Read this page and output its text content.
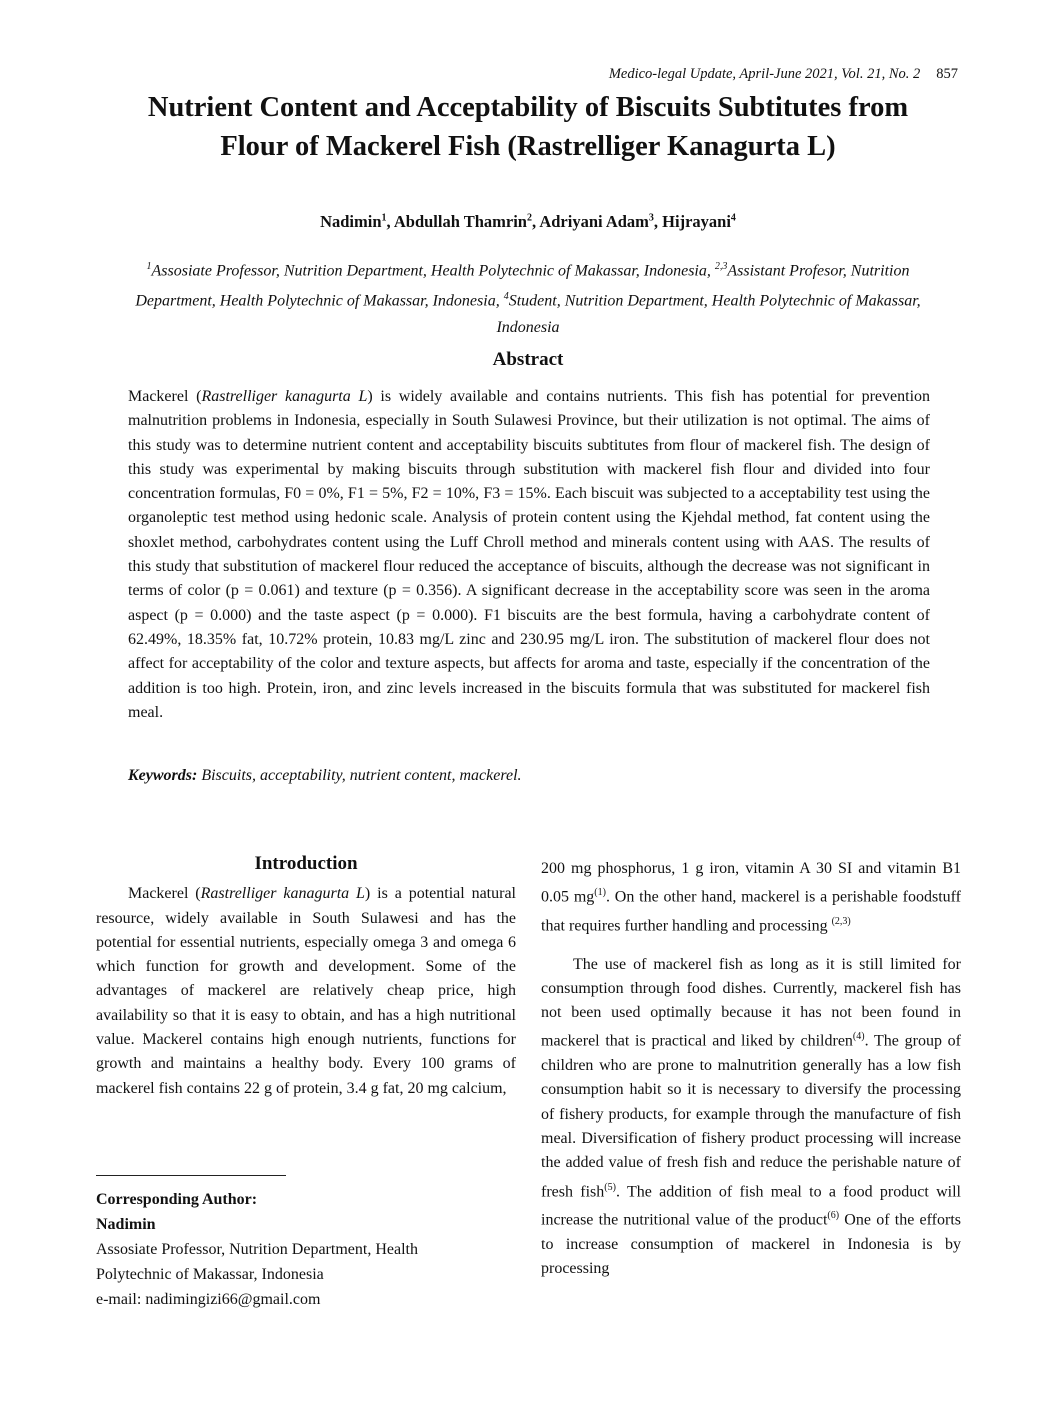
Medico-legal Update, April-June 2021, Vol. 21, No. 2 857
Nutrient Content and Acceptability of Biscuits Subtitutes from
Flour of Mackerel Fish (Rastrelliger Kanagurta L)
Nadimin$^1$, Abdullah Thamrin$^2$, Adriyani Adam$^3$, Hijrayani$^4$
$^1$Assosiate Professor, Nutrition Department, Health Polytechnic of Makassar, Indonesia, $^{2,3}$Assistant Profesor, Nutrition Department, Health Polytechnic of Makassar, Indonesia, $^4$Student, Nutrition Department, Health Polytechnic of Makassar, Indonesia
Abstract

Mackerel (Rastrelliger kanagurta L) is widely available and contains nutrients. This fish has potential for prevention malnutrition problems in Indonesia, especially in South Sulawesi Province, but their utilization is not optimal. The aims of this study was to determine nutrient content and acceptability biscuits subtitutes from flour of mackerel fish. The design of this study was experimental by making biscuits through substitution with mackerel fish flour and divided into four concentration formulas, F0 = 0%, F1 = 5%, F2 = 10%, F3 = 15%. Each biscuit was subjected to a acceptability test using the organoleptic test method using hedonic scale. Analysis of protein content using the Kjehdal method, fat content using the shoxlet method, carbohydrates content using the Luff Chroll method and minerals content using with AAS. The results of this study that substitution of mackerel flour reduced the acceptance of biscuits, although the decrease was not significant in terms of color (p = 0.061) and texture (p = 0.356). A significant decrease in the acceptability score was seen in the aroma aspect (p = 0.000) and the taste aspect (p = 0.000). F1 biscuits are the best formula, having a carbohydrate content of 62.49%, 18.35% fat, 10.72% protein, 10.83 mg/L zinc and 230.95 mg/L iron. The substitution of mackerel flour does not affect for acceptability of the color and texture aspects, but affects for aroma and taste, especially if the concentration of the addition is too high. Protein, iron, and zinc levels increased in the biscuits formula that was substituted for mackerel fish meal.

Keywords: Biscuits, acceptability, nutrient content, mackerel.
Introduction

Mackerel (Rastrelliger kanagurta L) is a potential natural resource, widely available in South Sulawesi and has the potential for essential nutrients, especially omega 3 and omega 6 which function for growth and development. Some of the advantages of mackerel are relatively cheap price, high availability so that it is easy to obtain, and has a high nutritional value. Mackerel contains high enough nutrients, functions for growth and maintains a healthy body. Every 100 grams of mackerel fish contains 22 g of protein, 3.4 g fat, 20 mg calcium,

200 mg phosphorus, 1 g iron, vitamin A 30 SI and vitamin B1 0.05 $mg^{(1)}$. On the other hand, mackerel is a perishable foodstuff that requires further handling and processing $^{(2,3)}$

The use of mackerel fish as long as it is still limited for consumption through food dishes. Currently, mackerel fish has not been used optimally because it has not been found in mackerel that is practical and liked by children$^{(4)}$. The group of children who are prone to malnutrition generally has a low fish consumption habit so it is necessary to diversify the processing of fishery products, for example through the manufacture of fish meal. Diversification of fishery product processing will increase the added value of fresh fish and reduce the perishable nature of fresh fish$^{(5)}$. The addition of fish meal to a food product will increase the nutritional value of the product$^{(6)}$ One of the efforts to increase consumption of mackerel in Indonesia is by processing

Corresponding Author:
Nadimin
Assosiate Professor, Nutrition Department, Health
Polytechnic of Makassar, Indonesia
e-mail: nadimingizi66@gmail.com
